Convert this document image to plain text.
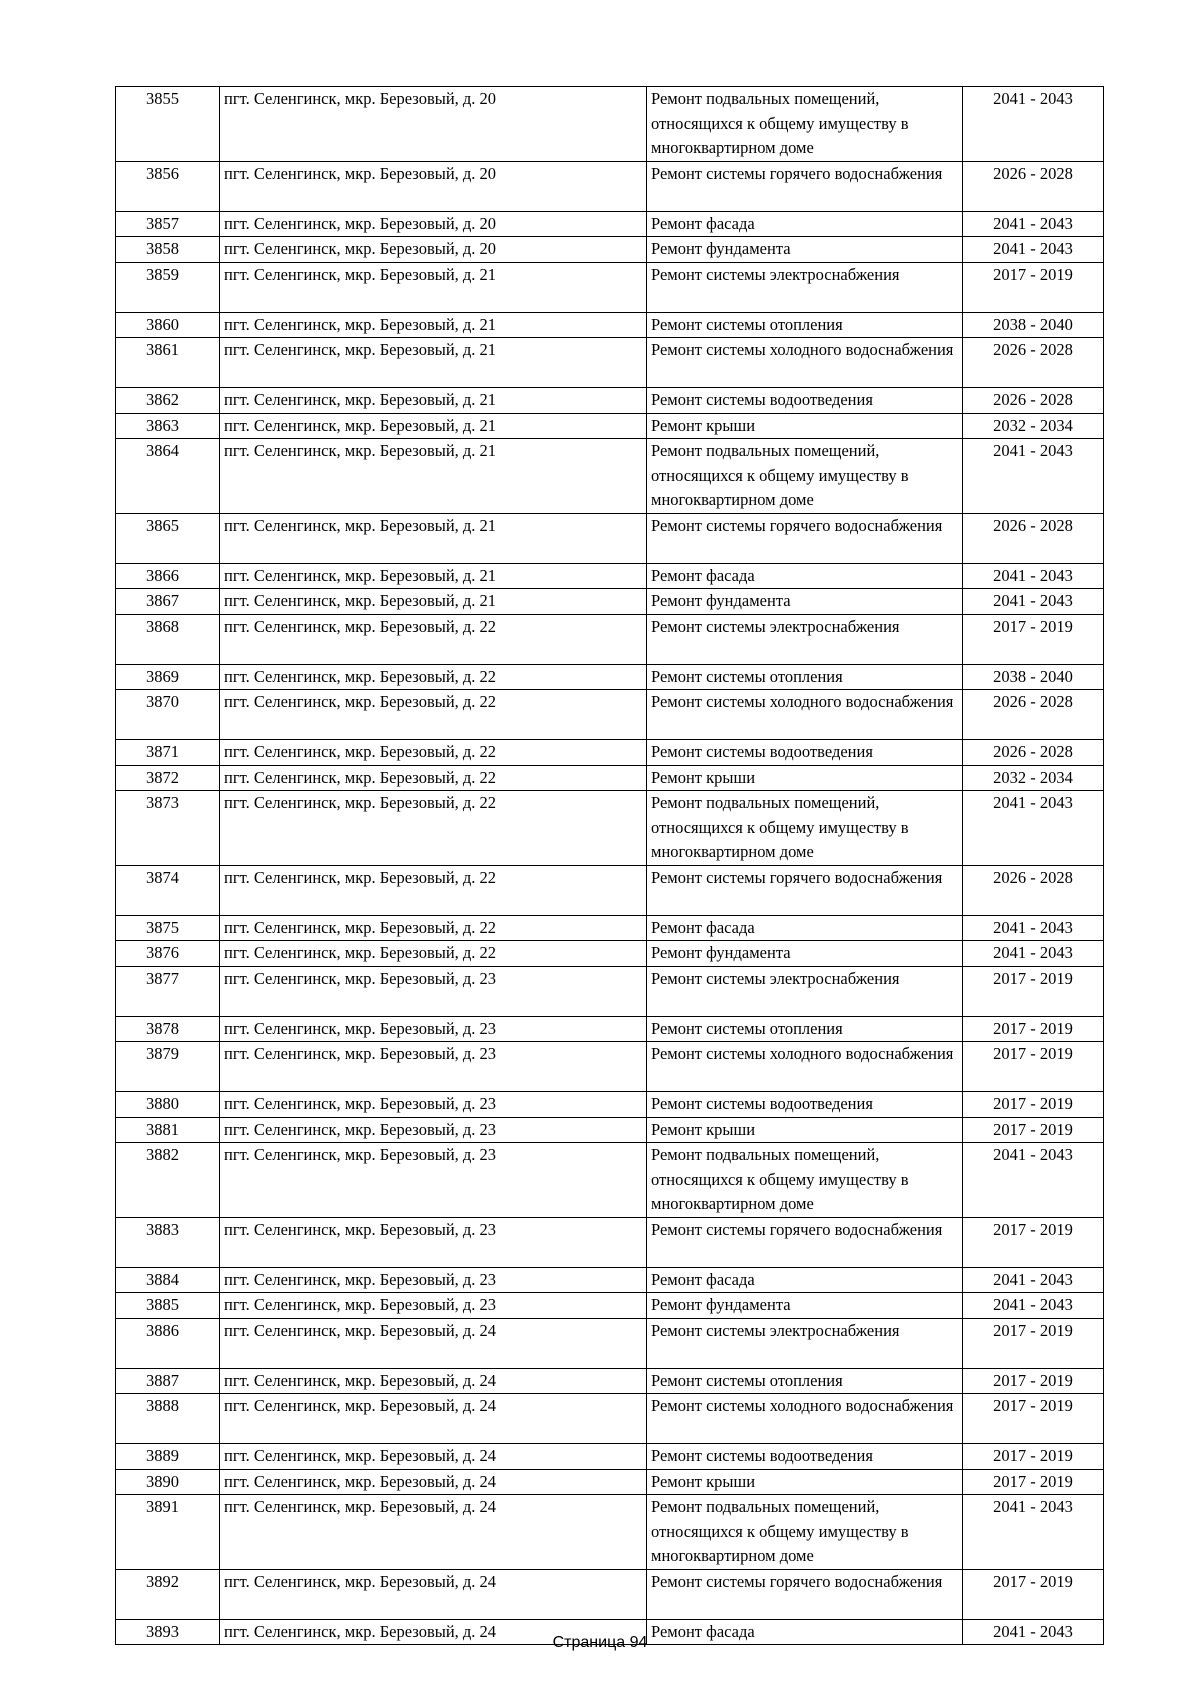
3855	пгт. Селенгинск, мкр. Березовый, д. 20	Ремонт подвальных помещений, относящихся к общему имуществу в многоквартирном доме	2041 - 2043
3856	пгт. Селенгинск, мкр. Березовый, д. 20	Ремонт системы горячего водоснабжения	2026 - 2028
3857	пгт. Селенгинск, мкр. Березовый, д. 20	Ремонт фасада	2041 - 2043
3858	пгт. Селенгинск, мкр. Березовый, д. 20	Ремонт фундамента	2041 - 2043
3859	пгт. Селенгинск, мкр. Березовый, д. 21	Ремонт системы электроснабжения	2017 - 2019
3860	пгт. Селенгинск, мкр. Березовый, д. 21	Ремонт системы отопления	2038 - 2040
3861	пгт. Селенгинск, мкр. Березовый, д. 21	Ремонт системы холодного водоснабжения	2026 - 2028
3862	пгт. Селенгинск, мкр. Березовый, д. 21	Ремонт системы водоотведения	2026 - 2028
3863	пгт. Селенгинск, мкр. Березовый, д. 21	Ремонт крыши	2032 - 2034
3864	пгт. Селенгинск, мкр. Березовый, д. 21	Ремонт подвальных помещений, относящихся к общему имуществу в многоквартирном доме	2041 - 2043
3865	пгт. Селенгинск, мкр. Березовый, д. 21	Ремонт системы горячего водоснабжения	2026 - 2028
3866	пгт. Селенгинск, мкр. Березовый, д. 21	Ремонт фасада	2041 - 2043
3867	пгт. Селенгинск, мкр. Березовый, д. 21	Ремонт фундамента	2041 - 2043
3868	пгт. Селенгинск, мкр. Березовый, д. 22	Ремонт системы электроснабжения	2017 - 2019
3869	пгт. Селенгинск, мкр. Березовый, д. 22	Ремонт системы отопления	2038 - 2040
3870	пгт. Селенгинск, мкр. Березовый, д. 22	Ремонт системы холодного водоснабжения	2026 - 2028
3871	пгт. Селенгинск, мкр. Березовый, д. 22	Ремонт системы водоотведения	2026 - 2028
3872	пгт. Селенгинск, мкр. Березовый, д. 22	Ремонт крыши	2032 - 2034
3873	пгт. Селенгинск, мкр. Березовый, д. 22	Ремонт подвальных помещений, относящихся к общему имуществу в многоквартирном доме	2041 - 2043
3874	пгт. Селенгинск, мкр. Березовый, д. 22	Ремонт системы горячего водоснабжения	2026 - 2028
3875	пгт. Селенгинск, мкр. Березовый, д. 22	Ремонт фасада	2041 - 2043
3876	пгт. Селенгинск, мкр. Березовый, д. 22	Ремонт фундамента	2041 - 2043
3877	пгт. Селенгинск, мкр. Березовый, д. 23	Ремонт системы электроснабжения	2017 - 2019
3878	пгт. Селенгинск, мкр. Березовый, д. 23	Ремонт системы отопления	2017 - 2019
3879	пгт. Селенгинск, мкр. Березовый, д. 23	Ремонт системы холодного водоснабжения	2017 - 2019
3880	пгт. Селенгинск, мкр. Березовый, д. 23	Ремонт системы водоотведения	2017 - 2019
3881	пгт. Селенгинск, мкр. Березовый, д. 23	Ремонт крыши	2017 - 2019
3882	пгт. Селенгинск, мкр. Березовый, д. 23	Ремонт подвальных помещений, относящихся к общему имуществу в многоквартирном доме	2041 - 2043
3883	пгт. Селенгинск, мкр. Березовый, д. 23	Ремонт системы горячего водоснабжения	2017 - 2019
3884	пгт. Селенгинск, мкр. Березовый, д. 23	Ремонт фасада	2041 - 2043
3885	пгт. Селенгинск, мкр. Березовый, д. 23	Ремонт фундамента	2041 - 2043
3886	пгт. Селенгинск, мкр. Березовый, д. 24	Ремонт системы электроснабжения	2017 - 2019
3887	пгт. Селенгинск, мкр. Березовый, д. 24	Ремонт системы отопления	2017 - 2019
3888	пгт. Селенгинск, мкр. Березовый, д. 24	Ремонт системы холодного водоснабжения	2017 - 2019
3889	пгт. Селенгинск, мкр. Березовый, д. 24	Ремонт системы водоотведения	2017 - 2019
3890	пгт. Селенгинск, мкр. Березовый, д. 24	Ремонт крыши	2017 - 2019
3891	пгт. Селенгинск, мкр. Березовый, д. 24	Ремонт подвальных помещений, относящихся к общему имуществу в многоквартирном доме	2041 - 2043
3892	пгт. Селенгинск, мкр. Березовый, д. 24	Ремонт системы горячего водоснабжения	2017 - 2019
3893	пгт. Селенгинск, мкр. Березовый, д. 24	Ремонт фасада	2041 - 2043
Страница 94
